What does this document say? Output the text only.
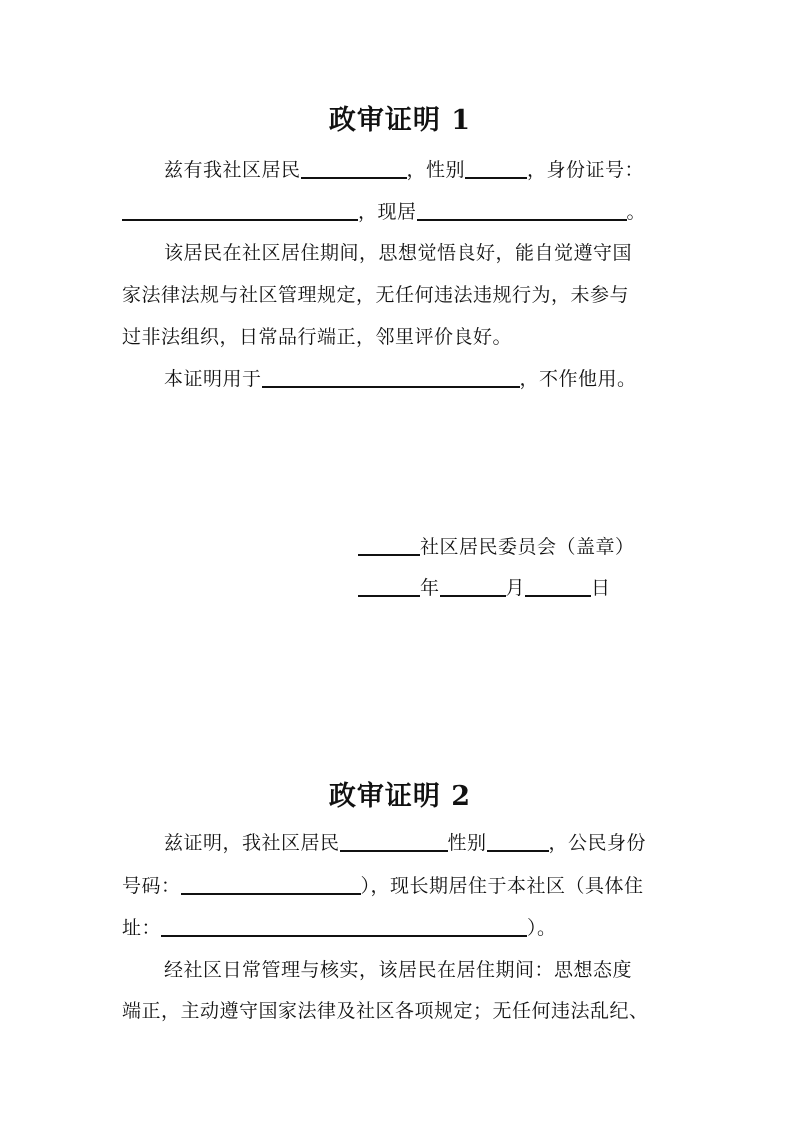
政审证明 1
兹有我社区居民	，性别	，身份证号：
，现居	。
该居民在社区居住期间，思想觉悟良好，能自觉遵守国
家法律法规与社区管理规定，无任何违法违规行为，未参与
过非法组织，日常品行端正，邻里评价良好。
本证明用于	，不作他用。
社区居民委员会（盖章）
年	月	日
政审证明 2
兹证明，我社区居民	性别	，公民身份
号码：	），现长期居住于本社区（具体住
址：	）。
经社区日常管理与核实，该居民在居住期间：思想态度
端正，主动遵守国家法律及社区各项规定；无任何违法乱纪、
